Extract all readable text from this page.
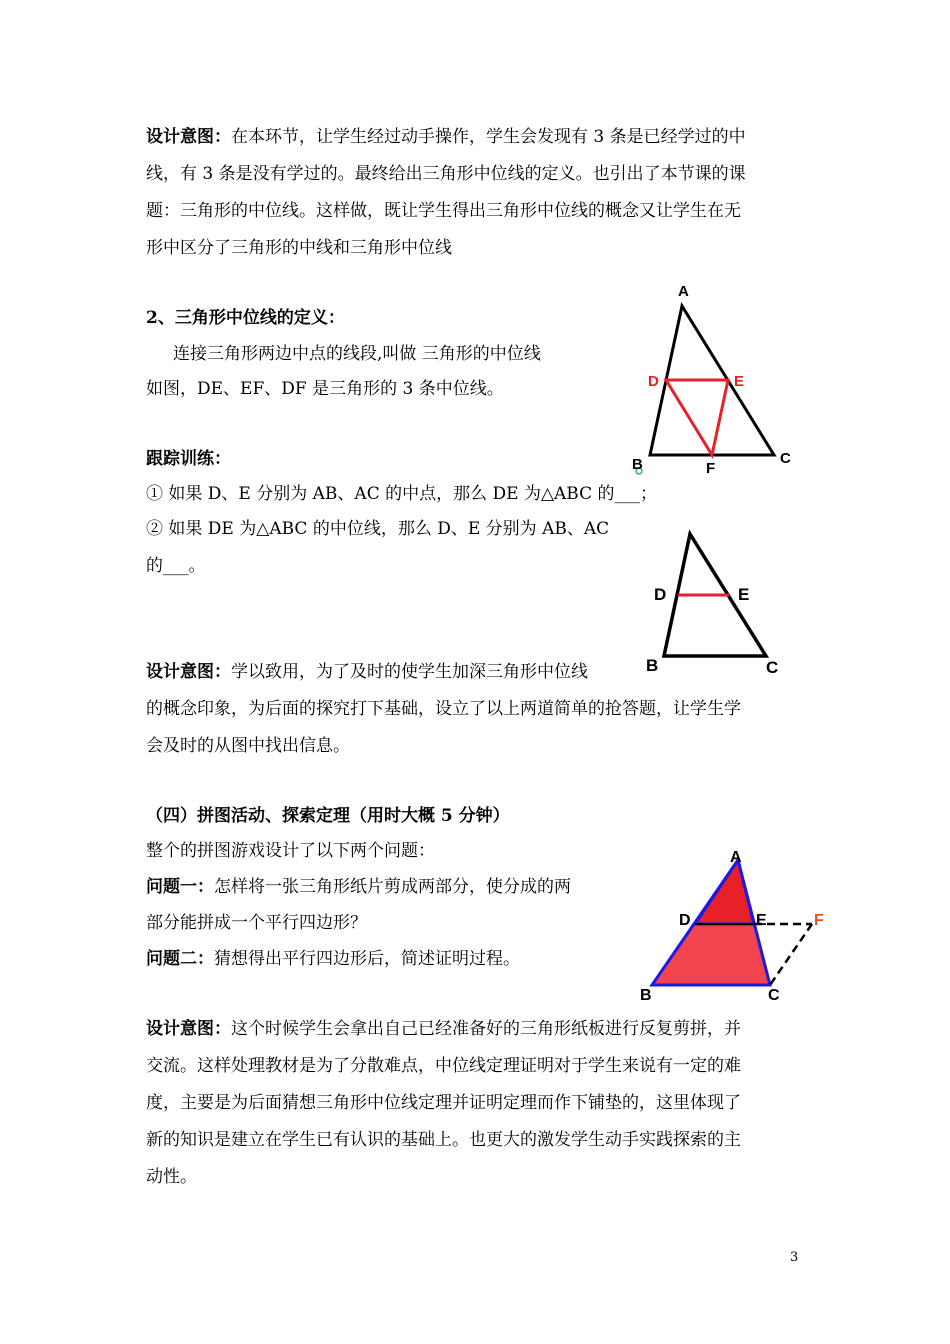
设计意图：在本环节，让学生经过动手操作，学生会发现有 3 条是已经学过的中
线，有 3 条是没有学过的。最终给出三角形中位线的定义。也引出了本节课的课
题：三角形的中位线。这样做，既让学生得出三角形中位线的概念又让学生在无
形中区分了三角形的中线和三角形中位线
2、三角形中位线的定义：
连接三角形两边中点的线段,叫做 三角形的中位线
如图，DE、EF、DF 是三角形的 3 条中位线。
跟踪训练：
① 如果 D、E 分别为 AB、AC 的中点，那么 DE 为△ABC 的___；
② 如果 DE 为△ABC 的中位线，那么 D、E 分别为 AB、AC
的___。
设计意图：学以致用，为了及时的使学生加深三角形中位线
的概念印象，为后面的探究打下基础，设立了以上两道简单的抢答题，让学生学
会及时的从图中找出信息。
（四）拼图活动、探索定理（用时大概 5 分钟）
整个的拼图游戏设计了以下两个问题：
问题一：怎样将一张三角形纸片剪成两部分，使分成的两
部分能拼成一个平行四边形？
问题二：猜想得出平行四边形后，简述证明过程。
设计意图：这个时候学生会拿出自己已经准备好的三角形纸板进行反复剪拼，并
交流。这样处理教材是为了分散难点，中位线定理证明对于学生来说有一定的难
度，主要是为后面猜想三角形中位线定理并证明定理而作下铺垫的，这里体现了
新的知识是建立在学生已有认识的基础上。也更大的激发学生动手实践探索的主
动性。
A
B	C
D	E
F
D	E
B	C
A
D	E	F
B	C
3
